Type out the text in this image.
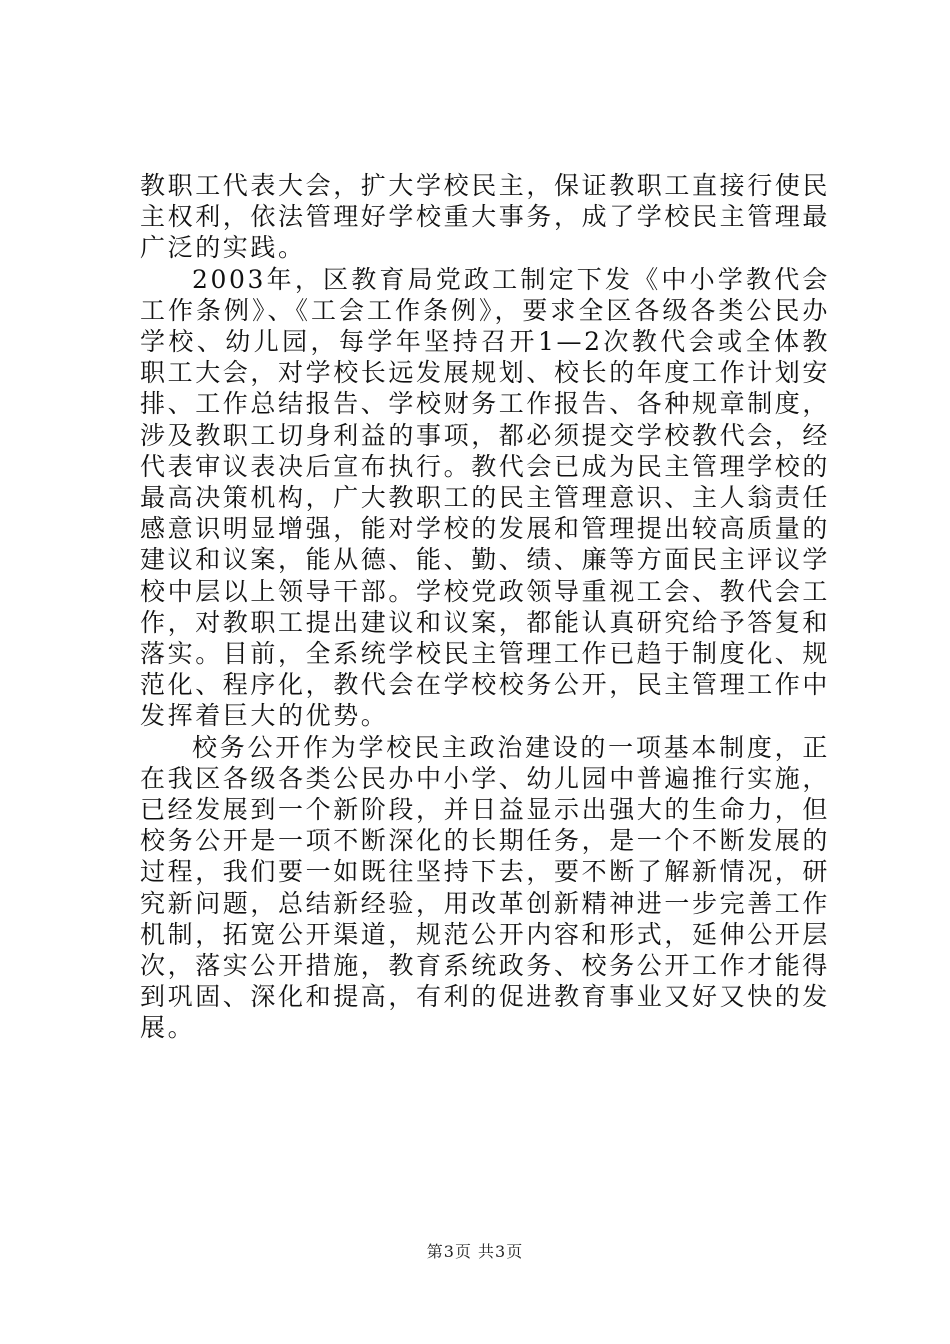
教职工代表大会，扩大学校民主，保证教职工直接行使民主权利，依法管理好学校重大事务，成了学校民主管理最广泛的实践。

2003年，区教育局党政工制定下发《中小学教代会工作条例》、《工会工作条例》，要求全区各级各类公民办学校、幼儿园，每学年坚持召开1—2次教代会或全体教职工大会，对学校长远发展规划、校长的年度工作计划安排、工作总结报告、学校财务工作报告、各种规章制度，涉及教职工切身利益的事项，都必须提交学校教代会，经代表审议表决后宣布执行。教代会已成为民主管理学校的最高决策机构，广大教职工的民主管理意识、主人翁责任感意识明显增强，能对学校的发展和管理提出较高质量的建议和议案，能从德、能、勤、绩、廉等方面民主评议学校中层以上领导干部。学校党政领导重视工会、教代会工作，对教职工提出建议和议案，都能认真研究给予答复和落实。目前，全系统学校民主管理工作已趋于制度化、规范化、程序化，教代会在学校校务公开，民主管理工作中发挥着巨大的优势。

校务公开作为学校民主政治建设的一项基本制度，正在我区各级各类公民办中小学、幼儿园中普遍推行实施，已经发展到一个新阶段，并日益显示出强大的生命力，但校务公开是一项不断深化的长期任务，是一个不断发展的过程，我们要一如既往坚持下去，要不断了解新情况，研究新问题，总结新经验，用改革创新精神进一步完善工作机制，拓宽公开渠道，规范公开内容和形式，延伸公开层次，落实公开措施，教育系统政务、校务公开工作才能得到巩固、深化和提高，有利的促进教育事业又好又快的发展。

第3页 共3页
